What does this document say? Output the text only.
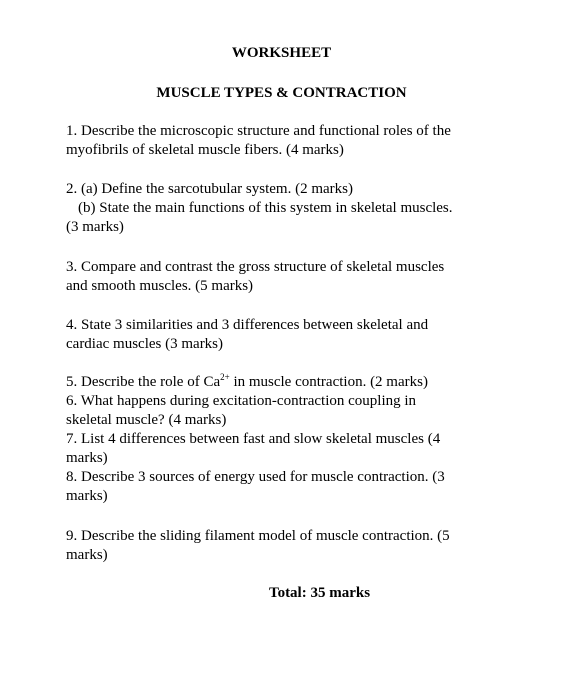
WORKSHEET
MUSCLE TYPES & CONTRACTION
1. Describe the microscopic structure and functional roles of the
myofibrils of skeletal muscle fibers. (4 marks)
2. (a) Define the sarcotubular system. (2 marks)
(b) State the main functions of this system in skeletal muscles.
(3 marks)
3. Compare and contrast the gross structure of skeletal muscles
and smooth muscles. (5 marks)
4. State 3 similarities and 3 differences between skeletal and
cardiac muscles (3 marks)
5. Describe the role of $Ca^{2+}$ in muscle contraction. (2 marks)
6. What happens during excitation-contraction coupling in
skeletal muscle? (4 marks)
7. List 4 differences between fast and slow skeletal muscles (4
marks)
8. Describe 3 sources of energy used for muscle contraction. (3
marks)
9. Describe the sliding filament model of muscle contraction. (5
marks)
Total: 35 marks
